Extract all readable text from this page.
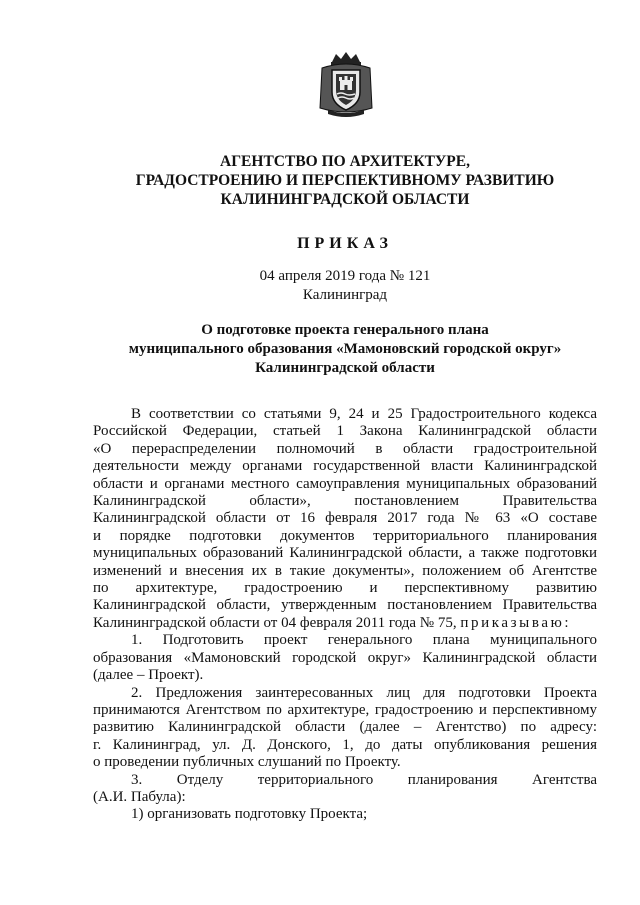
АГЕНТСТВО ПО АРХИТЕКТУРЕ,
ГРАДОСТРОЕНИЮ И ПЕРСПЕКТИВНОМУ РАЗВИТИЮ
КАЛИНИНГРАДСКОЙ ОБЛАСТИ
ПРИКАЗ
04 апреля 2019 года № 121
Калининград
О подготовке проекта генерального плана
муниципального образования «Мамоновский городской округ»
Калининградской области

В соответствии со статьями 9, 24 и 25 Градостроительного кодекса

Российской Федерации, статьей 1 Закона Калининградской области

«О перераспределении полномочий в области градостроительной

деятельности между органами государственной власти Калининградской

области и органами местного самоуправления муниципальных образований

Калининградской области», постановлением Правительства

Калининградской области от 16 февраля 2017 года № 63 «О составе

и порядке подготовки документов территориального планирования

муниципальных образований Калининградской области, а также подготовки

изменений и внесения их в такие документы», положением об Агентстве

по архитектуре, градостроению и перспективному развитию

Калининградской области, утвержденным постановлением Правительства

Калининградской области от 04 февраля 2011 года № 75, приказываю:

1. Подготовить проект генерального плана муниципального

образования «Мамоновский городской округ» Калининградской области

(далее – Проект).

2. Предложения заинтересованных лиц для подготовки Проекта

принимаются Агентством по архитектуре, градостроению и перспективному

развитию Калининградской области (далее – Агентство) по адресу:

г. Калининград, ул. Д. Донского, 1, до даты опубликования решения

о проведении публичных слушаний по Проекту.

3. Отделу территориального планирования Агентства

(А.И. Пабула):

1) организовать подготовку Проекта;
